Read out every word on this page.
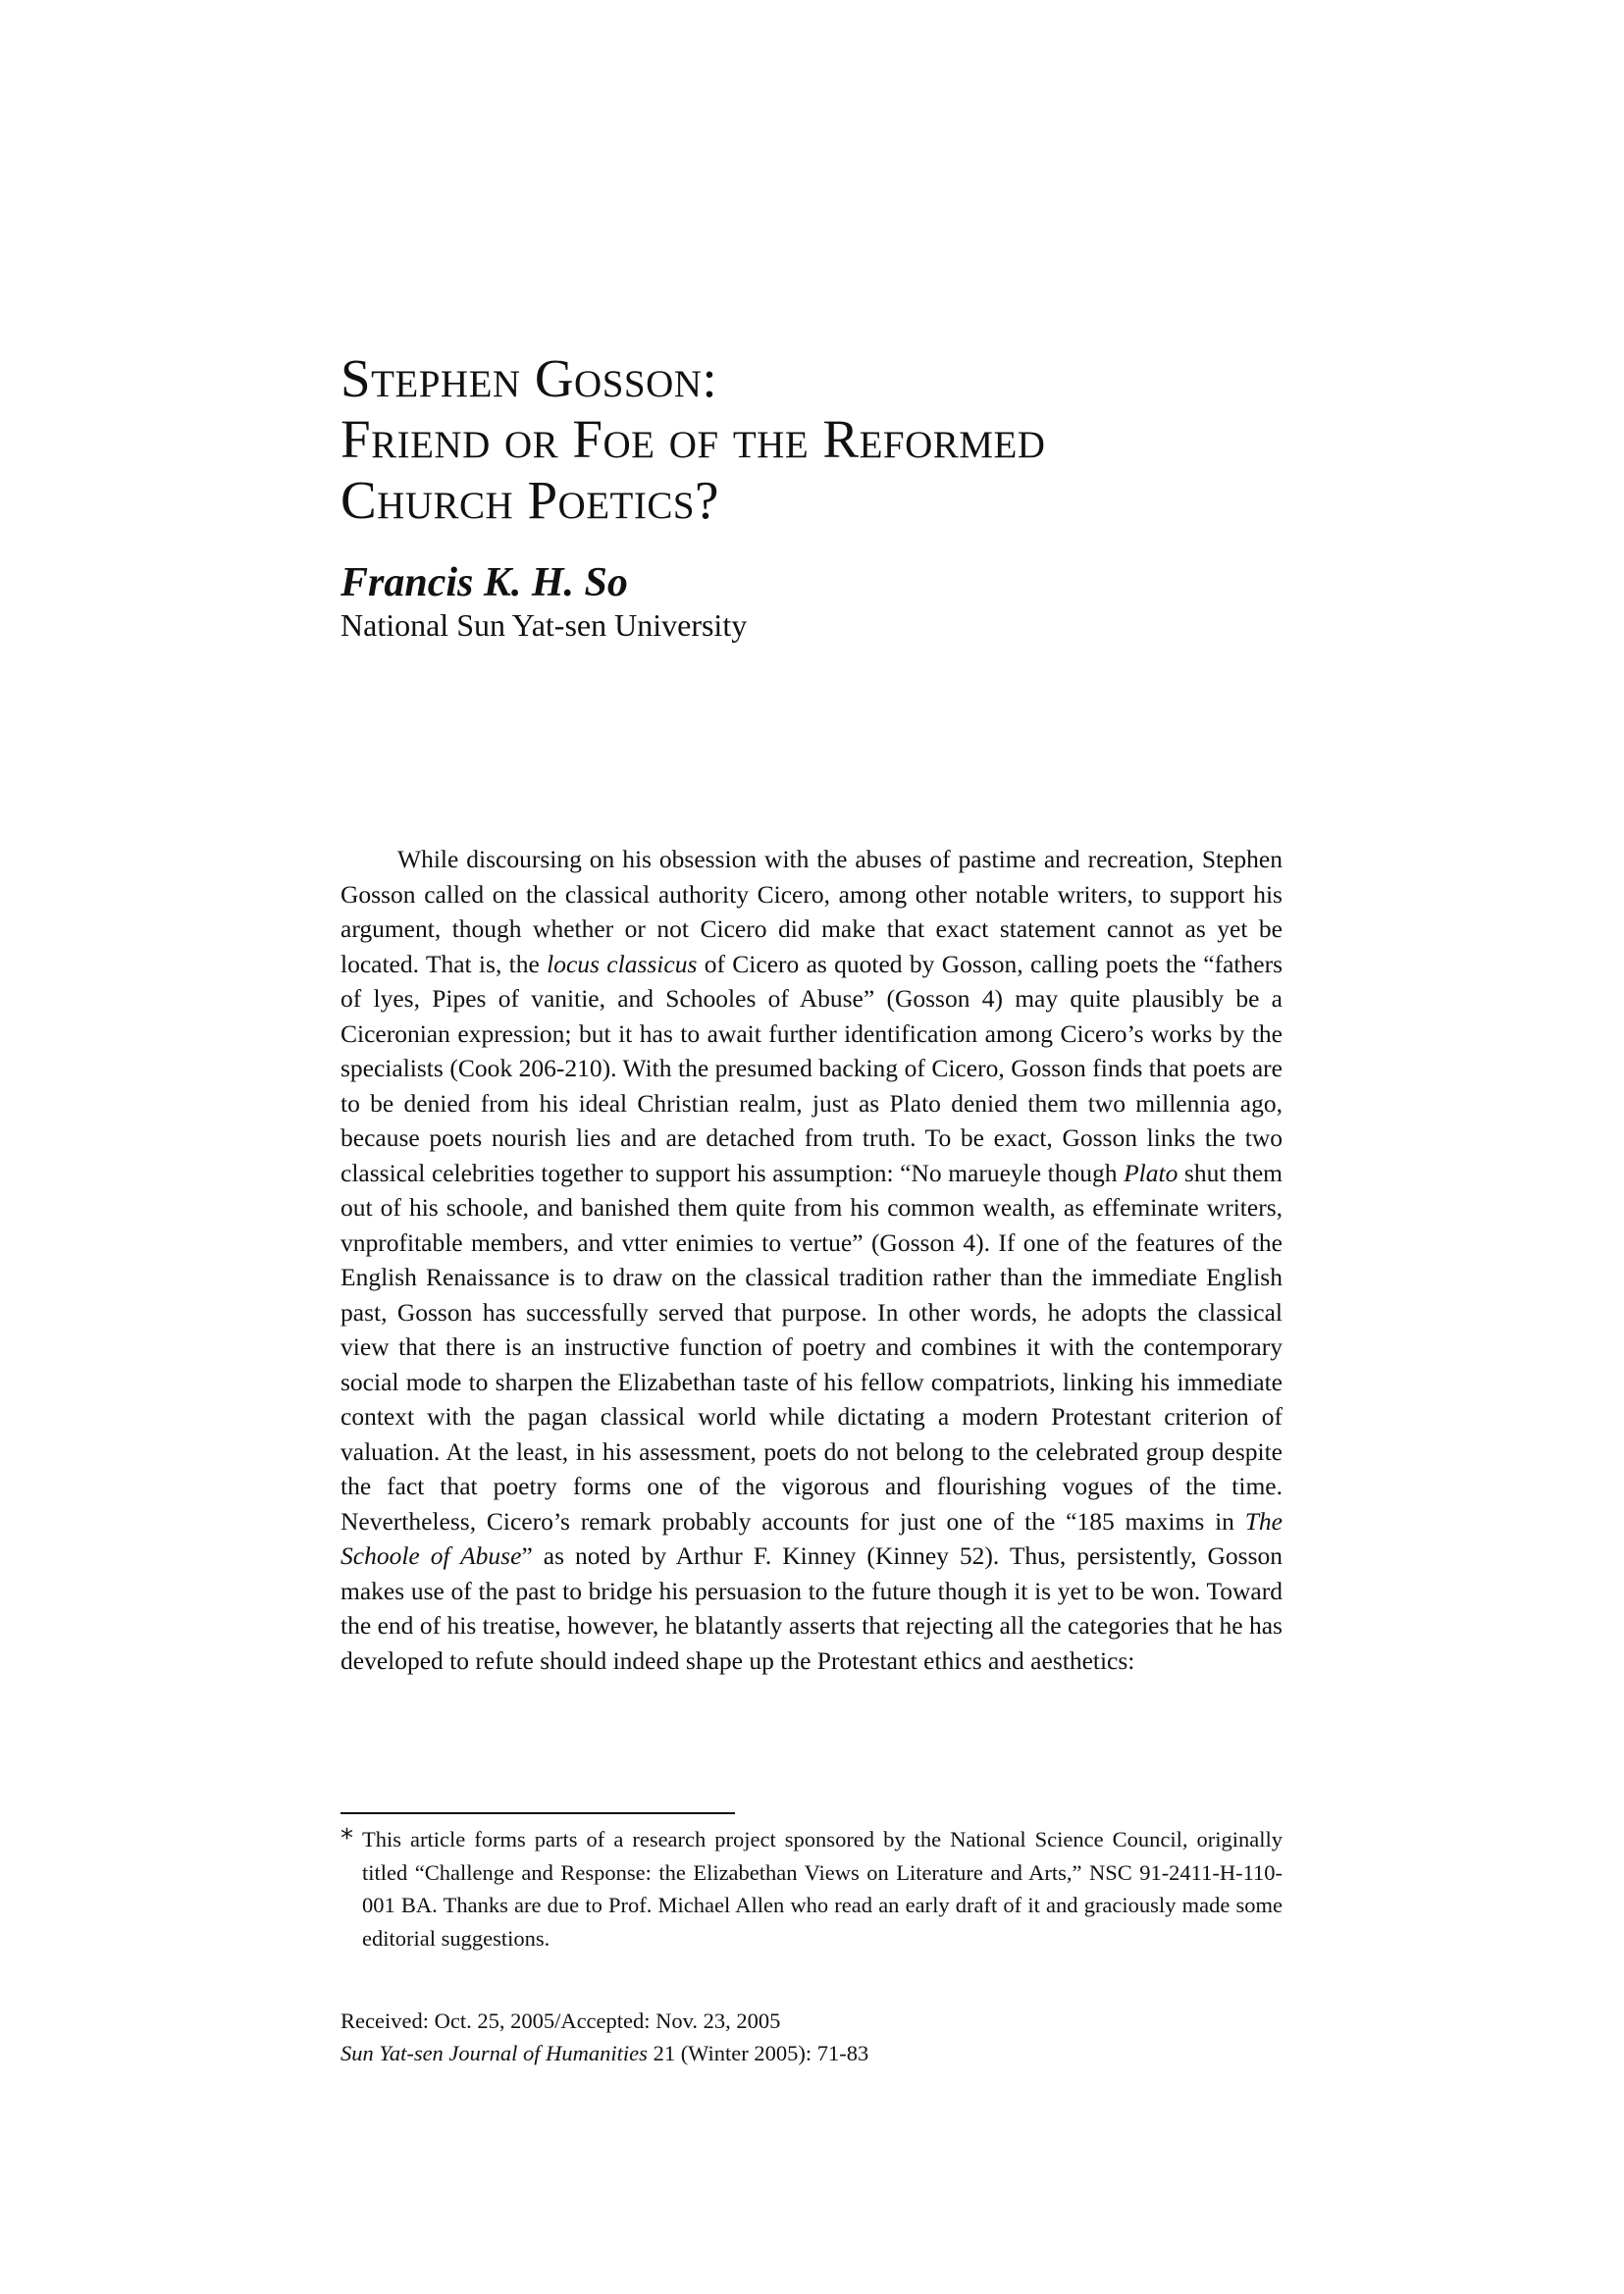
Stephen Gosson:
Friend or Foe of the Reformed
Church Poetics?
Francis K. H. So
National Sun Yat-sen University

While discoursing on his obsession with the abuses of pastime and recreation, Stephen Gosson called on the classical authority Cicero, among other notable writers, to support his argument, though whether or not Cicero did make that exact statement cannot as yet be located. That is, the locus classicus of Cicero as quoted by Gosson, calling poets the “fathers of lyes, Pipes of vanitie, and Schooles of Abuse” (Gosson 4) may quite plausibly be a Ciceronian expression; but it has to await further identification among Cicero’s works by the specialists (Cook 206-210). With the presumed backing of Cicero, Gosson finds that poets are to be denied from his ideal Christian realm, just as Plato denied them two millennia ago, because poets nourish lies and are detached from truth. To be exact, Gosson links the two classical celebrities together to support his assumption: “No marueyle though Plato shut them out of his schoole, and banished them quite from his common wealth, as effeminate writers, vnprofitable members, and vtter enimies to vertue” (Gosson 4). If one of the features of the English Renaissance is to draw on the classical tradition rather than the immediate English past, Gosson has successfully served that purpose. In other words, he adopts the classical view that there is an instructive function of poetry and combines it with the contemporary social mode to sharpen the Elizabethan taste of his fellow compatriots, linking his immediate context with the pagan classical world while dictating a modern Protestant criterion of valuation. At the least, in his assessment, poets do not belong to the celebrated group despite the fact that poetry forms one of the vigorous and flourishing vogues of the time. Nevertheless, Cicero’s remark probably accounts for just one of the “185 maxims in The Schoole of Abuse” as noted by Arthur F. Kinney (Kinney 52). Thus, persistently, Gosson makes use of the past to bridge his persuasion to the future though it is yet to be won. Toward the end of his treatise, however, he blatantly asserts that rejecting all the categories that he has developed to refute should indeed shape up the Protestant ethics and aesthetics:

* This article forms parts of a research project sponsored by the National Science Council, originally titled “Challenge and Response: the Elizabethan Views on Literature and Arts,” NSC 91-2411-H-110-001 BA. Thanks are due to Prof. Michael Allen who read an early draft of it and graciously made some editorial suggestions.
Received: Oct. 25, 2005/Accepted: Nov. 23, 2005
Sun Yat-sen Journal of Humanities 21 (Winter 2005): 71-83
